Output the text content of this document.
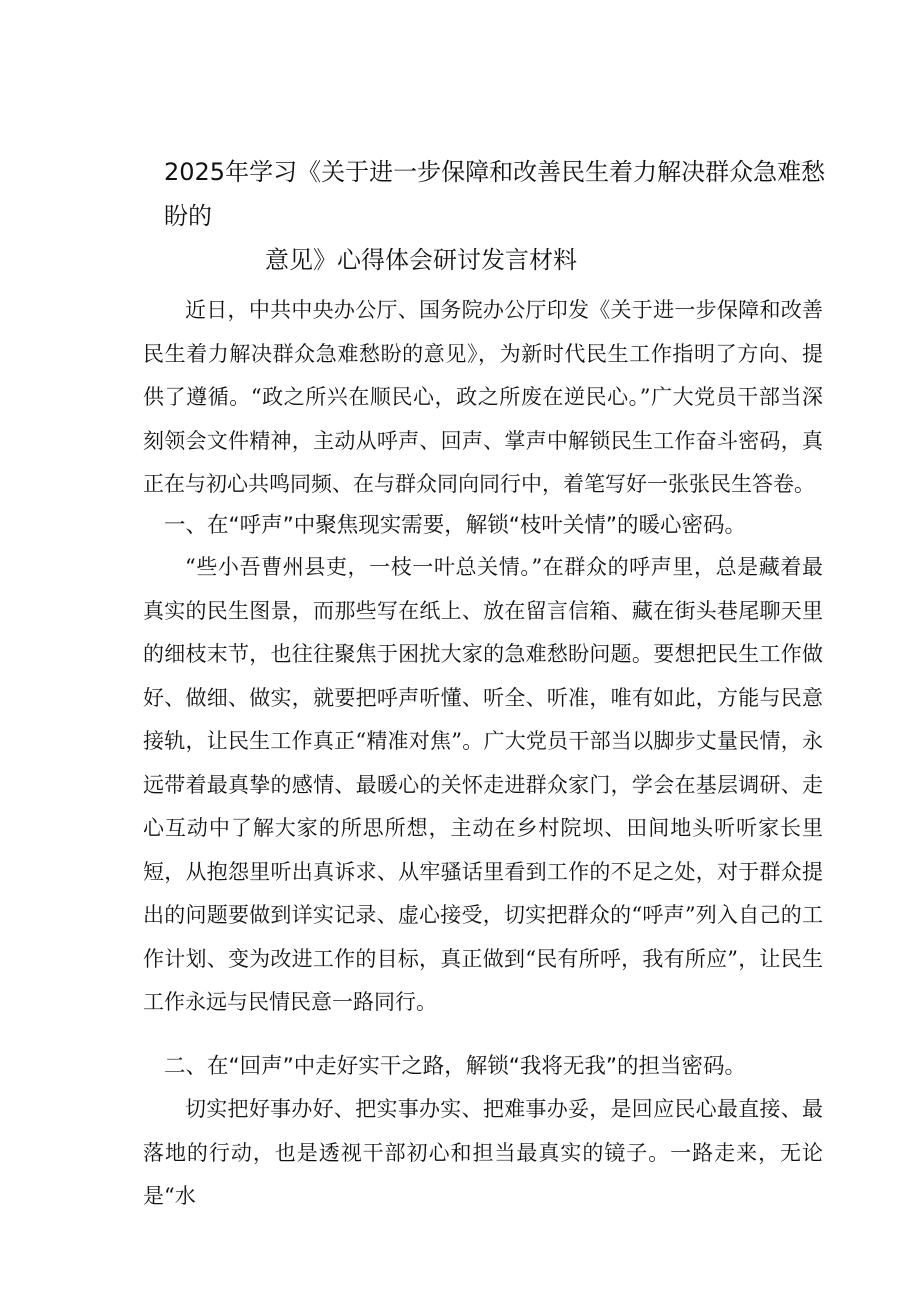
2025年学习《关于进一步保障和改善民生着力解决群众急难愁盼的
意见》心得体会研讨发言材料

近日，中共中央办公厅、国务院办公厅印发《关于进一步保障和改善民生着力解决群众急难愁盼的意见》，为新时代民生工作指明了方向、提供了遵循。“政之所兴在顺民心，政之所废在逆民心。”广大党员干部当深刻领会文件精神，主动从呼声、回声、掌声中解锁民生工作奋斗密码，真正在与初心共鸣同频、在与群众同向同行中，着笔写好一张张民生答卷。

一、在“呼声”中聚焦现实需要，解锁“枝叶关情”的暖心密码。

“些小吾曹州县吏，一枝一叶总关情。”在群众的呼声里，总是藏着最真实的民生图景，而那些写在纸上、放在留言信箱、藏在街头巷尾聊天里的细枝末节，也往往聚焦于困扰大家的急难愁盼问题。要想把民生工作做好、做细、做实，就要把呼声听懂、听全、听准，唯有如此，方能与民意接轨，让民生工作真正“精准对焦”。广大党员干部当以脚步丈量民情，永远带着最真挚的感情、最暖心的关怀走进群众家门，学会在基层调研、走心互动中了解大家的所思所想，主动在乡村院坝、田间地头听听家长里短，从抱怨里听出真诉求、从牢骚话里看到工作的不足之处，对于群众提出的问题要做到详实记录、虚心接受，切实把群众的“呼声”列入自己的工作计划、变为改进工作的目标，真正做到“民有所呼，我有所应”，让民生工作永远与民情民意一路同行。

二、在“回声”中走好实干之路，解锁“我将无我”的担当密码。

切实把好事办好、把实事办实、把难事办妥，是回应民心最直接、最落地的行动，也是透视干部初心和担当最真实的镜子。一路走来，无论是“水
